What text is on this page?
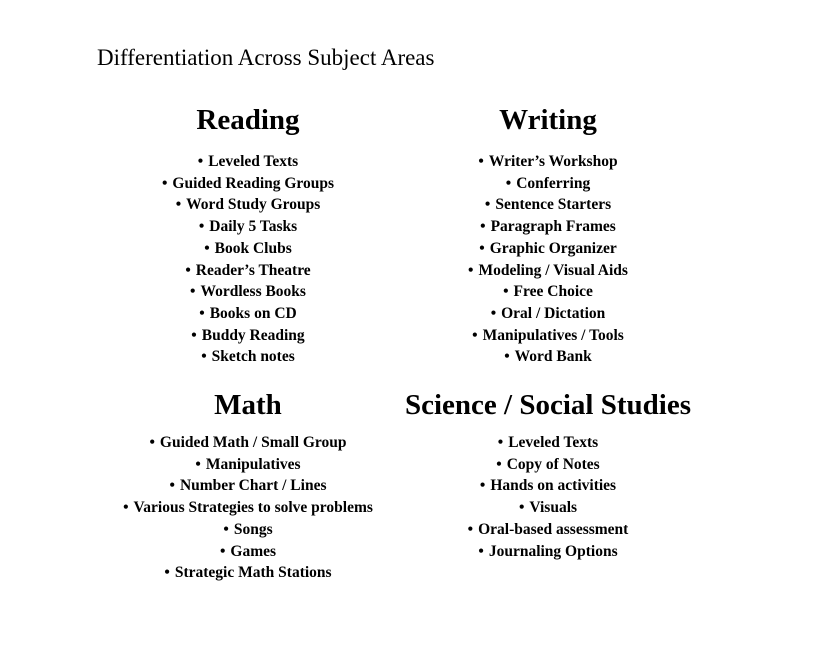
Differentiation Across Subject Areas
Reading
• Leveled Texts
• Guided Reading Groups
• Word Study Groups
• Daily 5 Tasks
• Book Clubs
• Reader’s Theatre
• Wordless Books
• Books on CD
• Buddy Reading
• Sketch notes
Writing
• Writer’s Workshop
• Conferring
• Sentence Starters
• Paragraph Frames
• Graphic Organizer
• Modeling / Visual Aids
• Free Choice
• Oral / Dictation
• Manipulatives / Tools
• Word Bank
Math
• Guided Math / Small Group
• Manipulatives
• Number Chart / Lines
• Various Strategies to solve problems
• Songs
• Games
• Strategic Math Stations
Science / Social Studies
• Leveled Texts
• Copy of Notes
• Hands on activities
• Visuals
• Oral-based assessment
• Journaling Options
